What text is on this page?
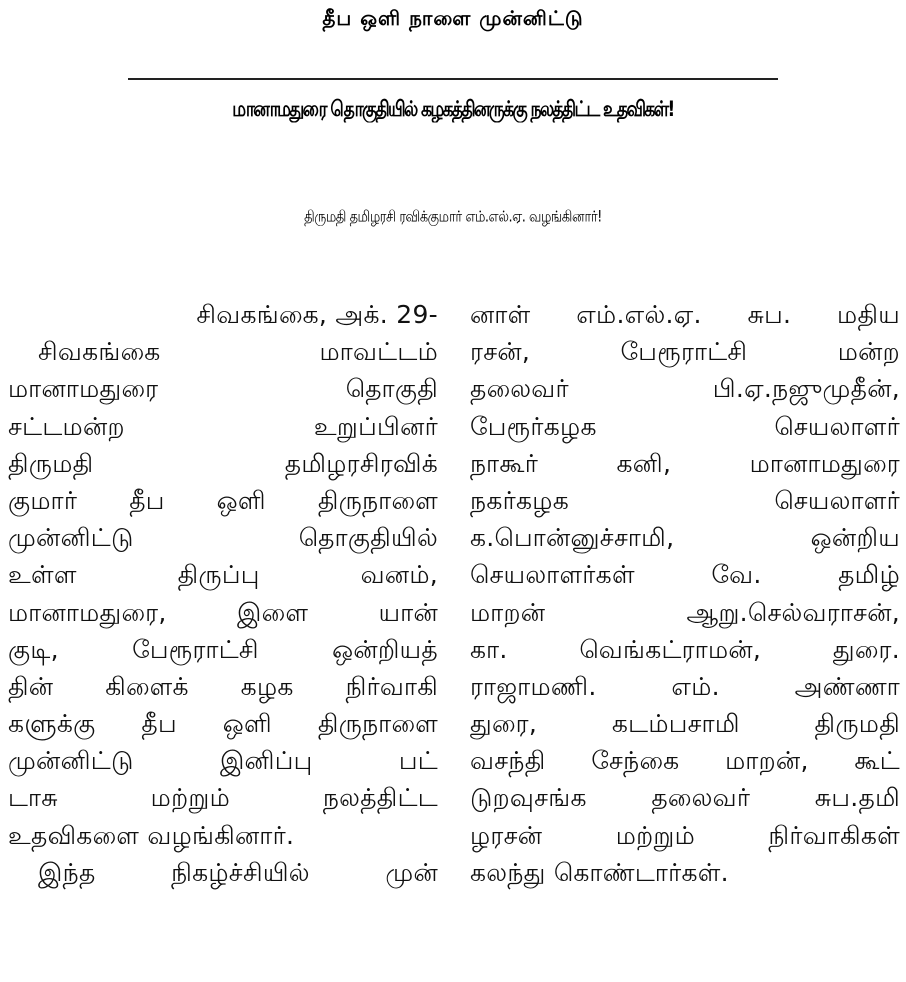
தீப ஒளி நாளை முன்னிட்டு
மானாமதுரை தொகுதியில் கழகத்தினருக்கு நலத்திட்ட உதவிகள்!
திருமதி தமிழரசி ரவிக்குமார் எம்.எல்.ஏ. வழங்கினார்!
சிவகங்கை, அக். 29-
சிவகங்கை மாவட்டம்
மானாமதுரை தொகுதி
சட்டமன்ற உறுப்பினர்
திருமதி தமிழரசிரவிக்
குமார் தீப ஒளி திருநாளை
முன்னிட்டு தொகுதியில்
உள்ள திருப்பு வனம்,
மானாமதுரை, இளை யான்
குடி, பேரூராட்சி ஒன்றியத்
தின் கிளைக் கழக நிர்வாகி
களுக்கு தீப ஒளி திருநாளை
முன்னிட்டு இனிப்பு பட்
டாசு மற்றும் நலத்திட்ட
உதவிகளை வழங்கினார்.
இந்த நிகழ்ச்சியில் முன்
னாள் எம்.எல்.ஏ. சுப. மதிய
ரசன், பேரூராட்சி மன்ற
தலைவர் பி.ஏ.நஜுமுதீன்,
பேரூர்கழக செயலாளர்
நாகூர் கனி, மானாமதுரை
நகர்கழக செயலாளர்
க.பொன்னுச்சாமி, ஒன்றிய
செயலாளர்கள் வே. தமிழ்
மாறன் ஆறு.செல்வராசன்,
கா. வெங்கட்ராமன், துரை.
ராஜாமணி. எம். அண்ணா
துரை, கடம்பசாமி திருமதி
வசந்தி சேந்கை மாறன், கூட்
டுறவுசங்க தலைவர் சுப.தமி
ழரசன் மற்றும் நிர்வாகிகள்
கலந்து கொண்டார்கள்.
